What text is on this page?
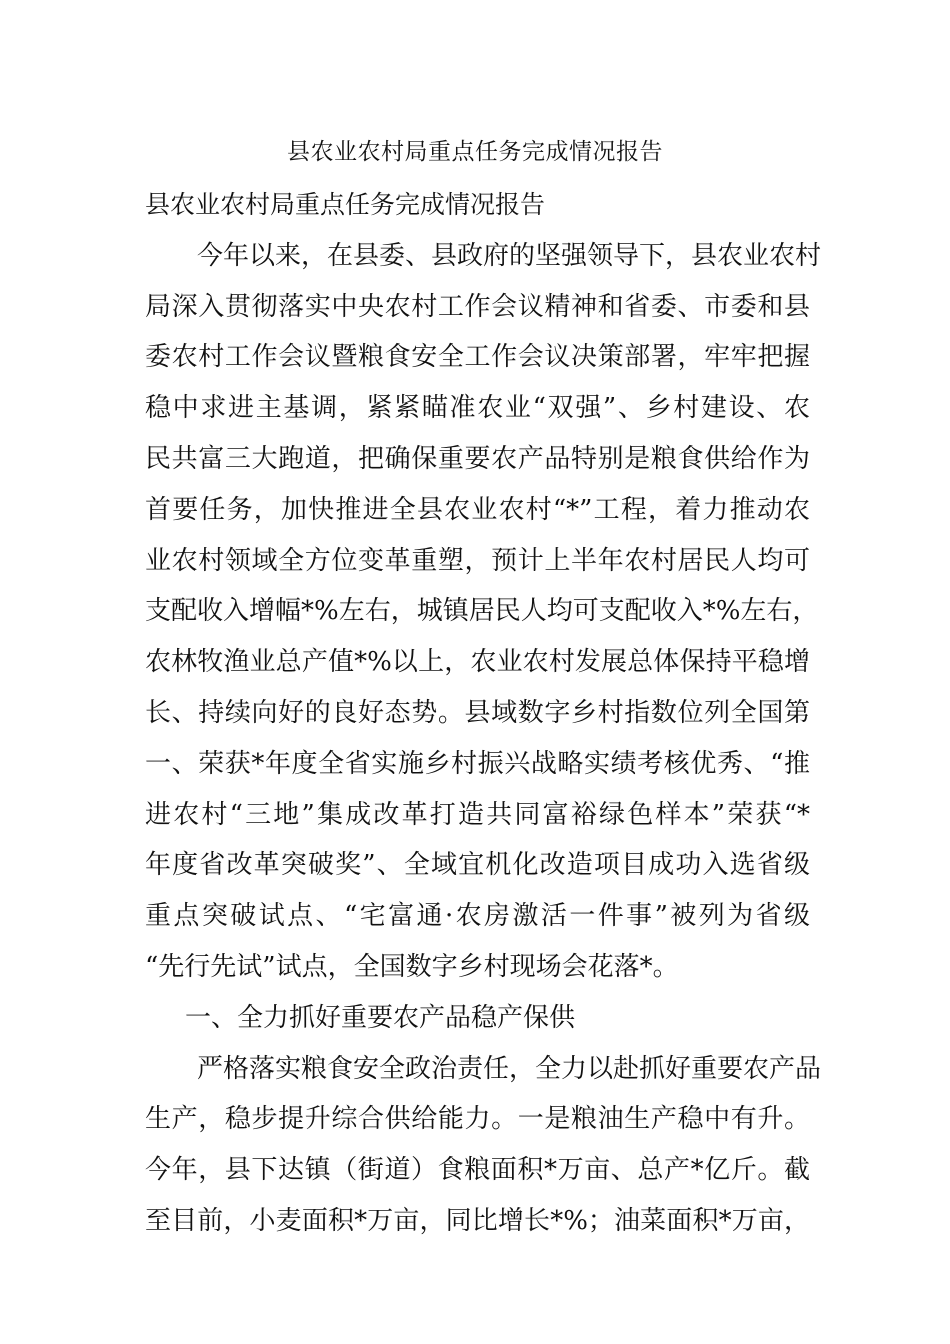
县农业农村局重点任务完成情况报告
县农业农村局重点任务完成情况报告
今年以来，在县委、县政府的坚强领导下，县农业农村
局深入贯彻落实中央农村工作会议精神和省委、市委和县
委农村工作会议暨粮食安全工作会议决策部署，牢牢把握
稳中求进主基调，紧紧瞄准农业“双强”、乡村建设、农
民共富三大跑道，把确保重要农产品特别是粮食供给作为
首要任务，加快推进全县农业农村“*”工程，着力推动农
业农村领域全方位变革重塑，预计上半年农村居民人均可
支配收入增幅*%左右，城镇居民人均可支配收入*%左右，
农林牧渔业总产值*%以上，农业农村发展总体保持平稳增
长、持续向好的良好态势。县域数字乡村指数位列全国第
一、荣获*年度全省实施乡村振兴战略实绩考核优秀、“推
进农村“三地”集成改革打造共同富裕绿色样本”荣获“*
年度省改革突破奖”、全域宜机化改造项目成功入选省级
重点突破试点、“宅富通·农房激活一件事”被列为省级
“先行先试”试点，全国数字乡村现场会花落*。
一、全力抓好重要农产品稳产保供
严格落实粮食安全政治责任，全力以赴抓好重要农产品
生产，稳步提升综合供给能力。一是粮油生产稳中有升。
今年，县下达镇（街道）食粮面积*万亩、总产*亿斤。截
至目前，小麦面积*万亩，同比增长*%；油菜面积*万亩，
